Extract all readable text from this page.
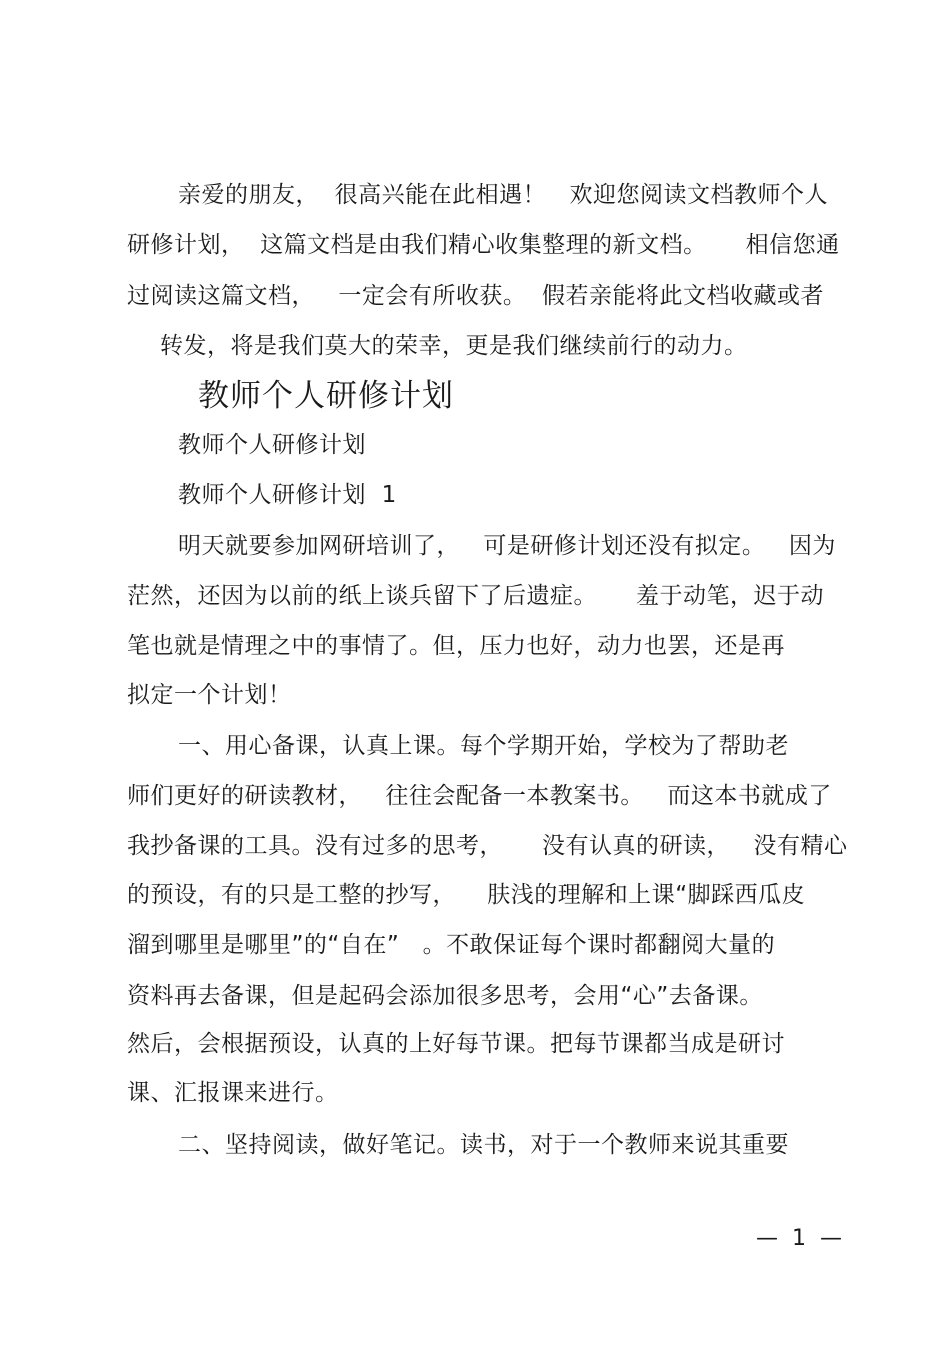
亲爱的朋友，  很高兴能在此相遇！   欢迎您阅读文档教师个人
研修计划，  这篇文档是由我们精心收集整理的新文档。     相信您通
过阅读这篇文档，   一定会有所收获。  假若亲能将此文档收藏或者
转发，将是我们莫大的荣幸，更是我们继续前行的动力。
教师个人研修计划
教师个人研修计划
教师个人研修计划  1
明天就要参加网研培训了，   可是研修计划还没有拟定。   因为
茫然，还因为以前的纸上谈兵留下了后遗症。     羞于动笔，迟于动
笔也就是情理之中的事情了。但，压力也好，动力也罢，还是再
拟定一个计划！
一、用心备课，认真上课。每个学期开始，学校为了帮助老
师们更好的研读教材，   往往会配备一本教案书。   而这本书就成了
我抄备课的工具。没有过多的思考，     没有认真的研读，   没有精心
的预设，有的只是工整的抄写，    肤浅的理解和上课“脚踩西瓜皮
溜到哪里是哪里”的“自在”   。不敢保证每个课时都翻阅大量的
资料再去备课，但是起码会添加很多思考，会用“心”去备课。
然后，会根据预设，认真的上好每节课。把每节课都当成是研讨
课、汇报课来进行。
二、坚持阅读，做好笔记。读书，对于一个教师来说其重要
—  1  —
